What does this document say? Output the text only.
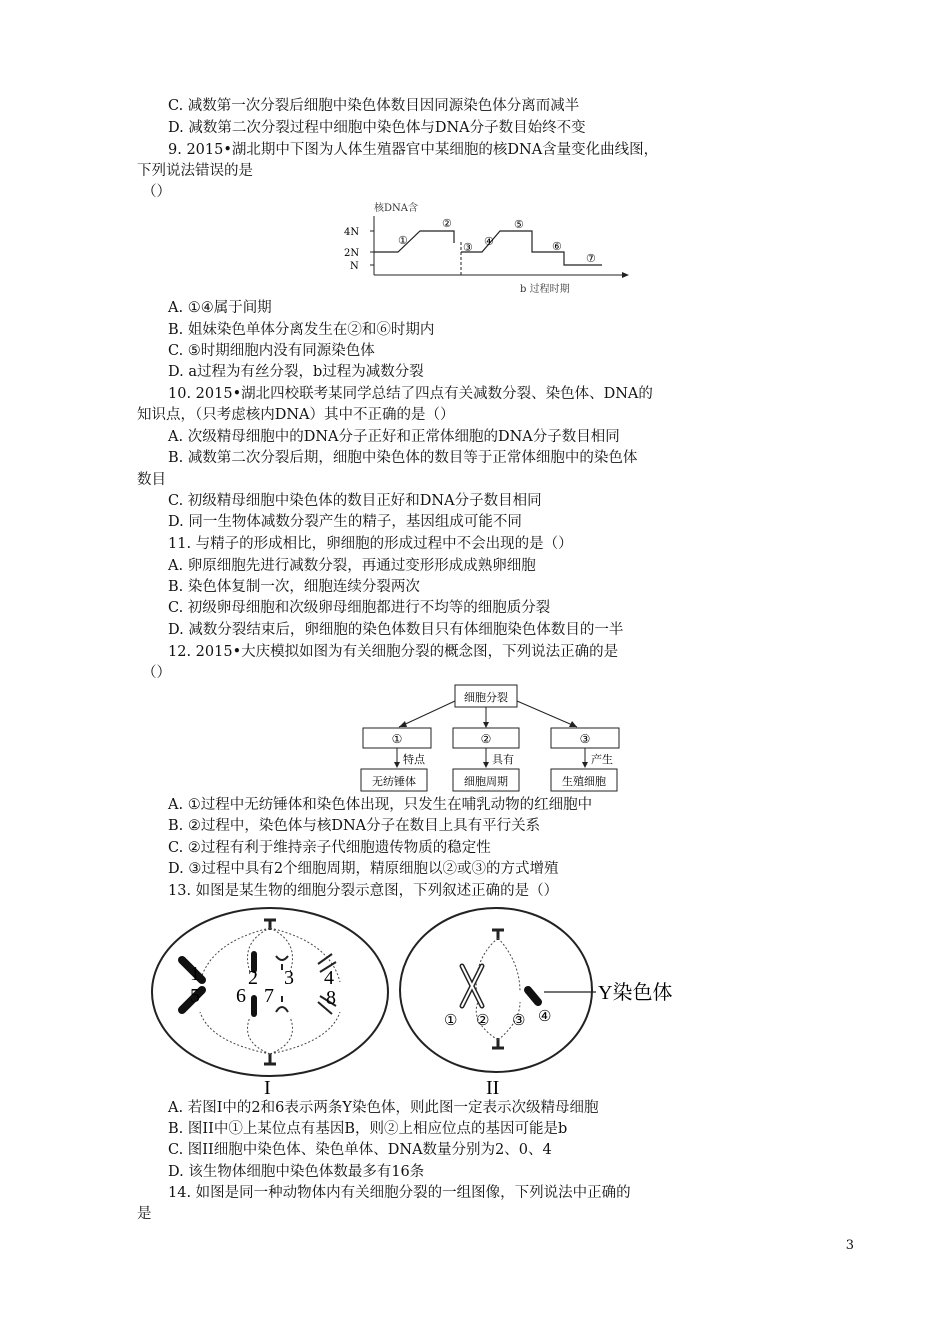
C. 减数第一次分裂后细胞中染色体数目因同源染色体分离而减半
D. 减数第二次分裂过程中细胞中染色体与DNA分子数目始终不变
9. 2015•湖北期中下图为人体生殖器官中某细胞的核DNA含量变化曲线图，
下列说法错误的是
（）
核DNA含
4N
2N
N
①
②
③ ④
⑤
⑥
⑦
b 过程时期
A. ①④属于间期
B. 姐妹染色单体分离发生在②和⑥时期内
C. ⑤时期细胞内没有同源染色体
D. a过程为有丝分裂，b过程为减数分裂
10. 2015•湖北四校联考某同学总结了四点有关减数分裂、染色体、DNA的
知识点，（只考虑核内DNA）其中不正确的是（）
A. 次级精母细胞中的DNA分子正好和正常体细胞的DNA分子数目相同
B. 减数第二次分裂后期，细胞中染色体的数目等于正常体细胞中的染色体
数目
C. 初级精母细胞中染色体的数目正好和DNA分子数目相同
D. 同一生物体减数分裂产生的精子，基因组成可能不同
11. 与精子的形成相比，卵细胞的形成过程中不会出现的是（）
A. 卵原细胞先进行减数分裂，再通过变形形成成熟卵细胞
B. 染色体复制一次，细胞连续分裂两次
C. 初级卵母细胞和次级卵母细胞都进行不均等的细胞质分裂
D. 减数分裂结束后，卵细胞的染色体数目只有体细胞染色体数目的一半
12. 2015•大庆模拟如图为有关细胞分裂的概念图，下列说法正确的是
（）
细胞分裂
①	②	③
特点	具有	产生
无纺锤体	细胞周期	生殖细胞
A. ①过程中无纺锤体和染色体出现，只发生在哺乳动物的红细胞中
B. ②过程中，染色体与核DNA分子在数目上具有平行关系
C. ②过程有利于维持亲子代细胞遗传物质的稳定性
D. ③过程中具有2个细胞周期，精原细胞以②或③的方式增殖
13. 如图是某生物的细胞分裂示意图，下列叙述正确的是（）
1 2 3 4
5 6 7	8
I
Y染色体
① ② ③ ④
II
A. 若图I中的2和6表示两条Y染色体，则此图一定表示次级精母细胞
B. 图II中①上某位点有基因B，则②上相应位点的基因可能是b
C. 图II细胞中染色体、染色单体、DNA数量分别为2、0、4
D. 该生物体细胞中染色体数最多有16条
14. 如图是同一种动物体内有关细胞分裂的一组图像，下列说法中正确的
是
3
